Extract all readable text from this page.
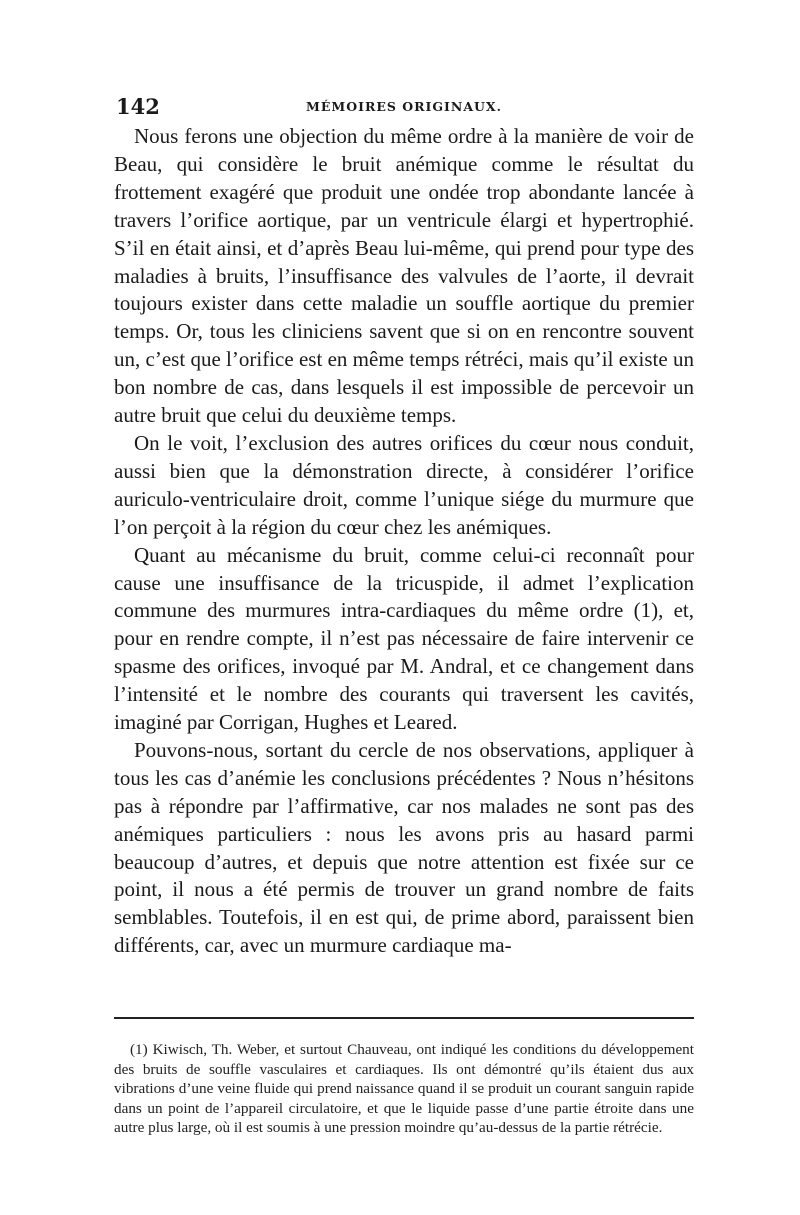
142	MÉMOIRES ORIGINAUX.

Nous ferons une objection du même ordre à la manière de voir de Beau, qui considère le bruit anémique comme le résultat du frottement exagéré que produit une ondée trop abondante lancée à travers l’orifice aortique, par un ventricule élargi et hypertrophié. S’il en était ainsi, et d’après Beau lui-même, qui prend pour type des maladies à bruits, l’insuffisance des valvules de l’aorte, il devrait toujours exister dans cette maladie un souffle aortique du premier temps. Or, tous les cliniciens savent que si on en rencontre souvent un, c’est que l’orifice est en même temps rétréci, mais qu’il existe un bon nombre de cas, dans lesquels il est impossible de percevoir un autre bruit que celui du deuxième temps.

On le voit, l’exclusion des autres orifices du cœur nous conduit, aussi bien que la démonstration directe, à considérer l’orifice auriculo-ventriculaire droit, comme l’unique siége du murmure que l’on perçoit à la région du cœur chez les anémiques.

Quant au mécanisme du bruit, comme celui-ci reconnaît pour cause une insuffisance de la tricuspide, il admet l’explication commune des murmures intra-cardiaques du même ordre (1), et, pour en rendre compte, il n’est pas nécessaire de faire intervenir ce spasme des orifices, invoqué par M. Andral, et ce changement dans l’intensité et le nombre des courants qui traversent les cavités, imaginé par Corrigan, Hughes et Leared.

Pouvons-nous, sortant du cercle de nos observations, appliquer à tous les cas d’anémie les conclusions précédentes ? Nous n’hésitons pas à répondre par l’affirmative, car nos malades ne sont pas des anémiques particuliers : nous les avons pris au hasard parmi beaucoup d’autres, et depuis que notre attention est fixée sur ce point, il nous a été permis de trouver un grand nombre de faits semblables. Toutefois, il en est qui, de prime abord, paraissent bien différents, car, avec un murmure cardiaque ma-

(1) Kiwisch, Th. Weber, et surtout Chauveau, ont indiqué les conditions du développement des bruits de souffle vasculaires et cardiaques. Ils ont démontré qu’ils étaient dus aux vibrations d’une veine fluide qui prend naissance quand il se produit un courant sanguin rapide dans un point de l’appareil circulatoire, et que le liquide passe d’une partie étroite dans une autre plus large, où il est soumis à une pression moindre qu’au-dessus de la partie rétrécie.
